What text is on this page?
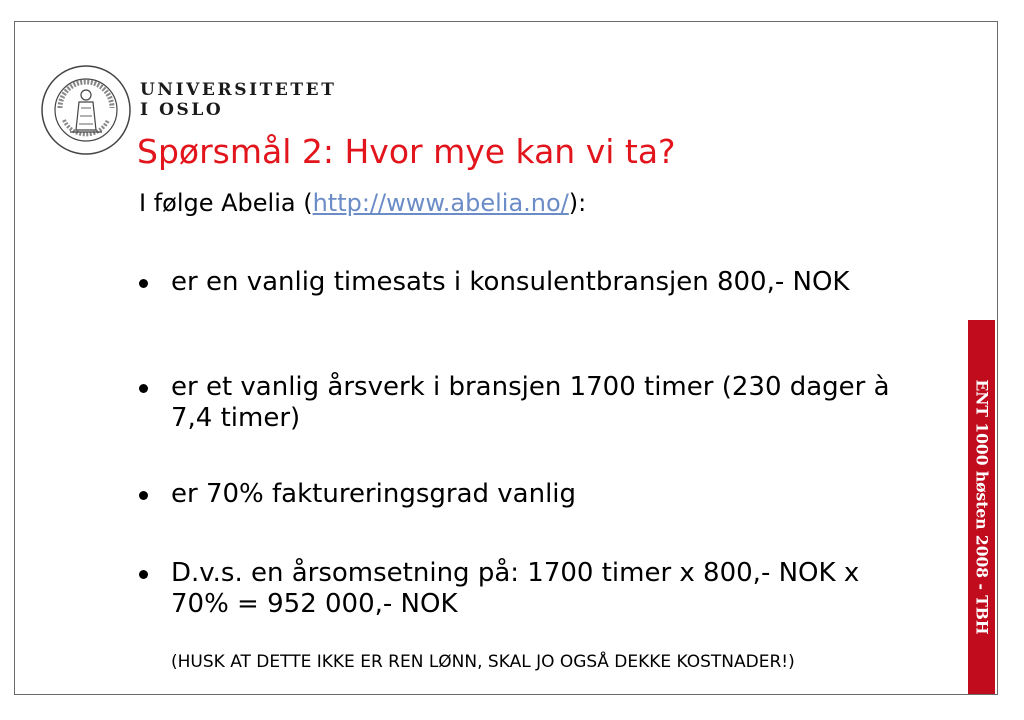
UNIVERSITETET
I OSLO
Spørsmål 2: Hvor mye kan vi ta?
I følge Abelia (http://www.abelia.no/):
er en vanlig timesats i konsulentbransjen 800,- NOK
er et vanlig årsverk i bransjen 1700 timer (230 dager à 7,4 timer)
er 70% faktureringsgrad vanlig
D.v.s. en årsomsetning på: 1700 timer x 800,- NOK x 70% = 952 000,- NOK
(HUSK AT DETTE IKKE ER REN LØNN, SKAL JO OGSÅ DEKKE KOSTNADER!)
ENT 1000 høsten 2008 - TBH
